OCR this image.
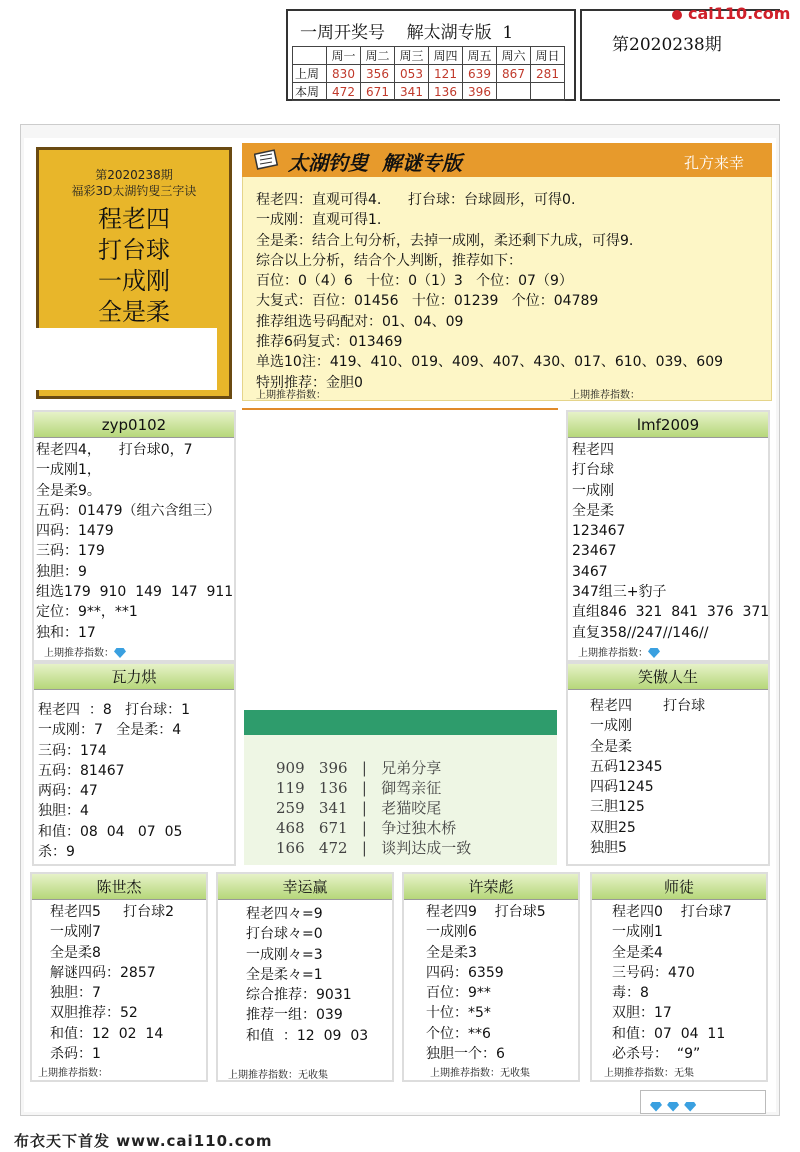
一周开奖号    解太湖专版  1
	周一	周二	周三	周四	周五	周六	周日
上周	830	356	053	121	639	867	281
本周	472	671	341	136	396		
第2020238期
cai110.com
第2020238期
福彩3D太湖钓叟三字诀
程老四
打台球
一成刚
全是柔
太湖钓叟  解谜专版	孔方来幸
程老四：直观可得4.      打台球：台球圆形，可得0.
一成刚：直观可得1.
全是柔：结合上句分析，去掉一成刚，柔还剩下九成，可得9.
综合以上分析，结合个人判断，推荐如下：
百位：0（4）6   十位：0（1）3   个位：07（9）
大复式：百位：01456   十位：01239   个位：04789
推荐组选号码配对：01、04、09
推荐6码复式：013469
单选10注：419、410、019、409、407、430、017、610、039、609
特别推荐：金胆0
上期推荐指数：	上期推荐指数：
zyp0102
程老四4，    打台球0，7
一成刚1，
全是柔9。
五码：01479（组六含组三）
四码：1479
三码：179
独胆：9
组选179  910  149  147  911
定位：9**，**1
独和：17
上期推荐指数：
lmf2009
程老四
打台球
一成刚
全是柔
123467
23467
3467
347组三+豹子
直组846  321  841  376  371
直复358//247//146//
上期推荐指数：
瓦力烘
程老四  ：8   打台球：1
一成刚：7   全是柔：4
三码：174
五码：81467
两码：47
独胆：4
和值：08  04   07  05
杀：9
笑傲人生
程老四       打台球
一成刚
全是柔
五码12345
四码1245
三胆125
双胆25
独胆5
909   396   |   兄弟分享
119   136   |   御驾亲征
259   341   |   老猫咬尾
468   671   |   争过独木桥
166   472   |   谈判达成一致
陈世杰
程老四5     打台球2
一成刚7
全是柔8
解谜四码：2857
独胆：7
双胆推荐：52
和值：12  02  14
杀码：1
上期推荐指数：
幸运赢
程老四々=9
打台球々=0
一成刚々=3
全是柔々=1
综合推荐：9031
推荐一组：039
和值  ：12  09  03
上期推荐指数：无收集
许荣彪
程老四9    打台球5
一成刚6
全是柔3
四码：6359
百位：9**
十位：*5*
个位：**6
独胆一个：6
上期推荐指数：无收集
师徒
程老四0    打台球7
一成刚1
全是柔4
三号码：470
毒：8
双胆：17
和值：07  04  11
必杀号：  “9”
上期推荐指数：无集

布衣天下首发 www.cai110.com
